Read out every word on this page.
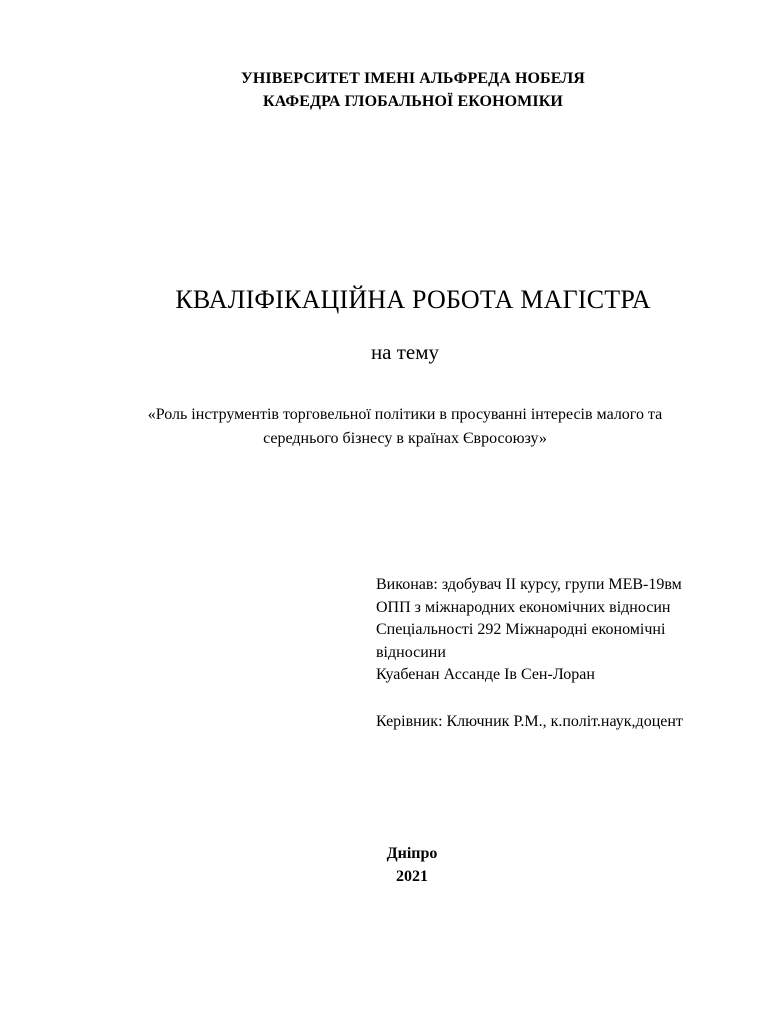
УНІВЕРСИТЕТ ІМЕНІ АЛЬФРЕДА НОБЕЛЯ
КАФЕДРА ГЛОБАЛЬНОЇ ЕКОНОМІКИ
КВАЛІФІКАЦІЙНА РОБОТА МАГІСТРА
на тему
«Роль інструментів торговельної політики в просуванні інтересів малого та
середнього бізнесу в країнах Євросоюзу»
Виконав: здобувач ІІ курсу, групи МЕВ-19вм
ОПП з міжнародних економічних відносин
Спеціальності 292 Міжнародні економічні
відносини
Куабенан Ассанде Ів Сен-Лоран
Керівник: Ключник Р.М., к.політ.наук,доцент
Дніпро
2021
